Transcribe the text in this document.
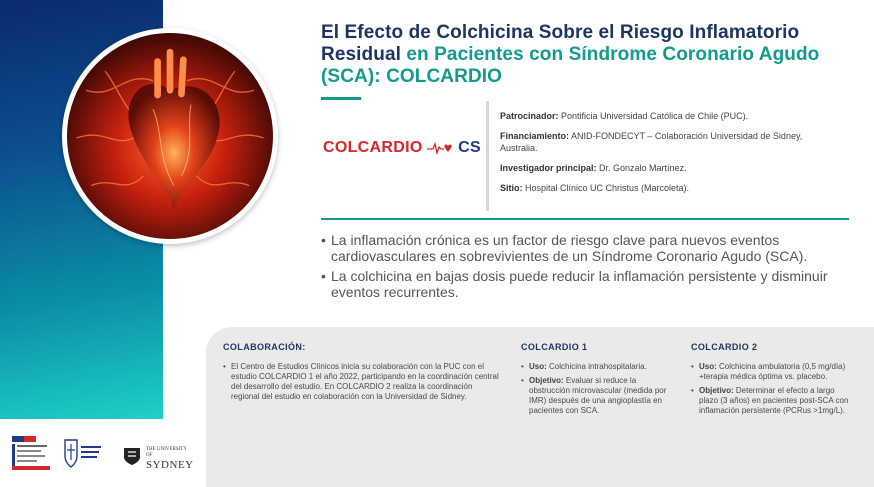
El Efecto de Colchicina Sobre el Riesgo Inflamatorio Residual en Pacientes con Síndrome Coronario Agudo (SCA): COLCARDIO
COLCARDIO CS

Patrocinador: Pontificia Universidad Católica de Chile (PUC).

Financiamiento: ANID-FONDECYT – Colaboración Universidad de Sidney, Australia.

Investigador principal: Dr. Gonzalo Martínez.

Sitio: Hospital Clínico UC Christus (Marcoleta).

• La inflamación crónica es un factor de riesgo clave para nuevos eventos cardiovasculares en sobrevivientes de un Síndrome Coronario Agudo (SCA).
• La colchicina en bajas dosis puede reducir la inflamación persistente y disminuir eventos recurrentes.
COLABORACIÓN:
• El Centro de Estudios Clínicos inicia su colaboración con la PUC con el estudio COLCARDIO 1 el año 2022, participando en la coordinación central del desarrollo del estudio. En COLCARDIO 2 realiza la coordinación regional del estudio en colaboración con la Universidad de Sidney.
COLCARDIO 1
• Uso: Colchicina intrahospitalaria.
• Objetivo: Evaluar si reduce la obstrucción microvascular (medida por IMR) después de una angioplastía en pacientes con SCA.
COLCARDIO 2
• Uso: Colchicina ambulatoria (0,5 mg/día) +terapia médica óptima vs. placebo.
• Objetivo: Determinar el efecto a largo plazo (3 años) en pacientes post-SCA con inflamación persistente (PCRus >1mg/L).
THE UNIVERSITY OF
SYDNEY
